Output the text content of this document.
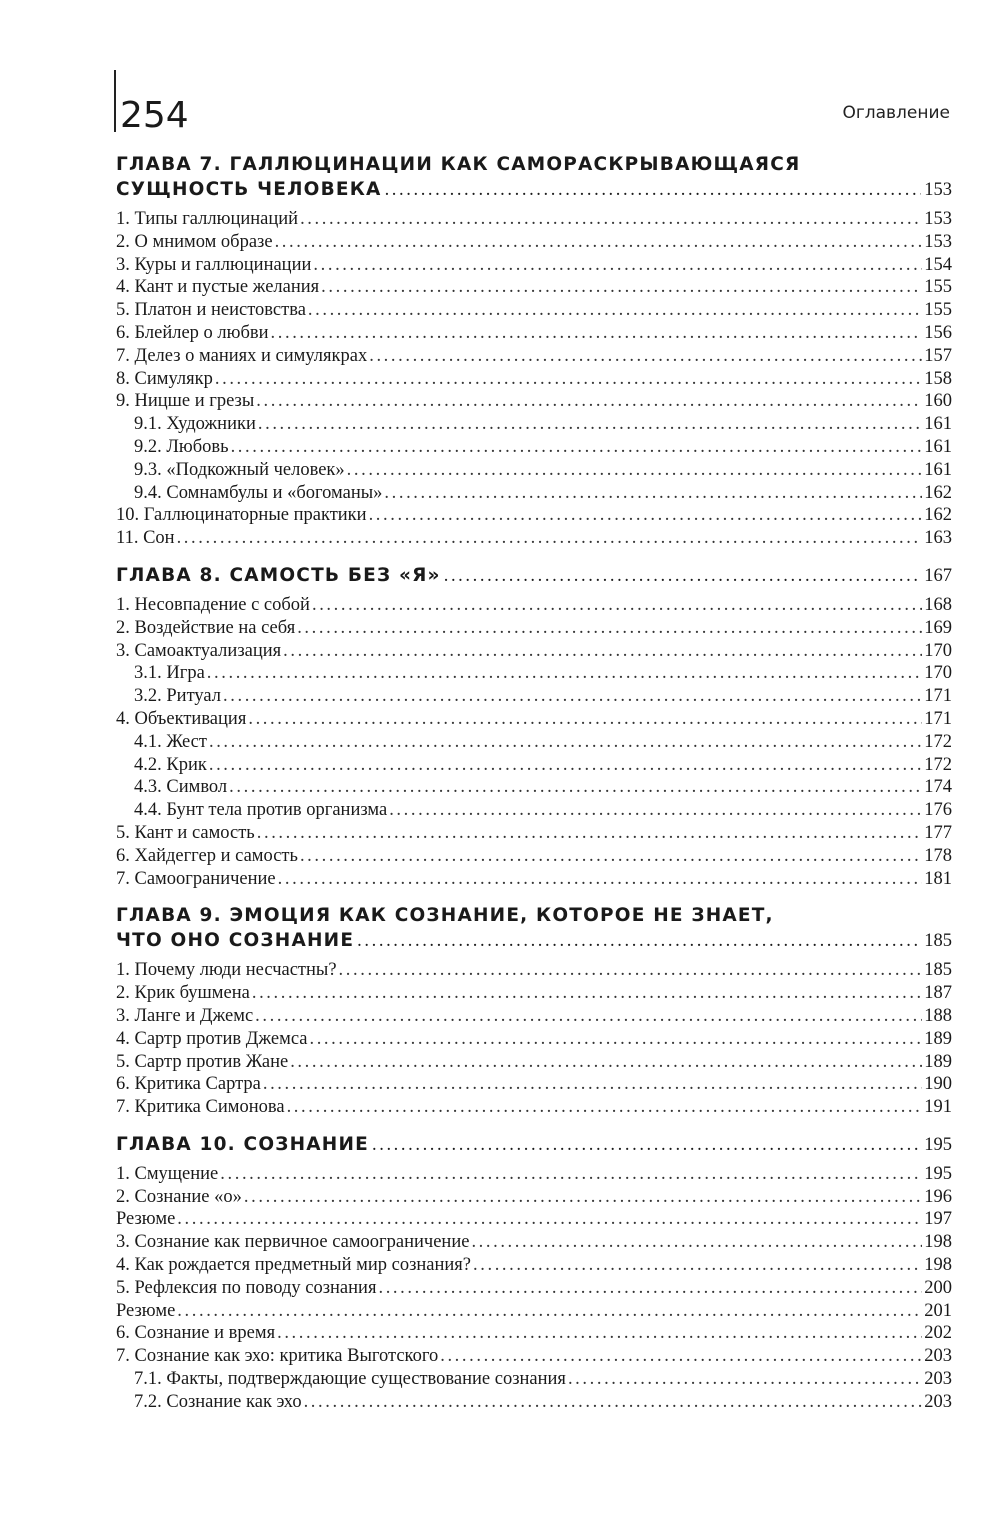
254	Оглавление
ГЛАВА 7. ГАЛЛЮЦИНАЦИИ КАК САМОРАСКРЫВАЮЩАЯСЯ
СУЩНОСТЬ ЧЕЛОВЕКА .....	153
1. Типы галлюцинаций .....	153
2. О мнимом образе .....	153
3. Куры и галлюцинации .....	154
4. Кант и пустые желания .....	155
5. Платон и неистовства .....	155
6. Блейлер о любви .....	156
7. Делез о маниях и симулякрах .....	157
8. Симулякр .....	158
9. Ницше и грезы .....	160
9.1. Художники .....	161
9.2. Любовь .....	161
9.3. «Подкожный человек» .....	161
9.4. Сомнамбулы и «богоманы» .....	162
10. Галлюцинаторные практики .....	162
11. Сон .....	163
ГЛАВА 8. САМОСТЬ БЕЗ «Я» .....	167
1. Несовпадение с собой .....	168
2. Воздействие на себя .....	169
3. Самоактуализация .....	170
3.1. Игра .....	170
3.2. Ритуал .....	171
4. Объективация .....	171
4.1. Жест .....	172
4.2. Крик .....	172
4.3. Символ .....	174
4.4. Бунт тела против организма .....	176
5. Кант и самость .....	177
6. Хайдеггер и самость .....	178
7. Самоограничение .....	181
ГЛАВА 9. ЭМОЦИЯ КАК СОЗНАНИЕ, КОТОРОЕ НЕ ЗНАЕТ,
ЧТО ОНО СОЗНАНИЕ .....	185
1. Почему люди несчастны? .....	185
2. Крик бушмена .....	187
3. Ланге и Джемс .....	188
4. Сартр против Джемса .....	189
5. Сартр против Жане .....	189
6. Критика Сартра .....	190
7. Критика Симонова .....	191
ГЛАВА 10. СОЗНАНИЕ .....	195
1. Смущение .....	195
2. Сознание «о» .....	196
Резюме .....	197
3. Сознание как первичное самоограничение .....	198
4. Как рождается предметный мир сознания? .....	198
5. Рефлексия по поводу сознания .....	200
Резюме .....	201
6. Сознание и время .....	202
7. Сознание как эхо: критика Выготского .....	203
7.1. Факты, подтверждающие существование сознания .....	203
7.2. Сознание как эхо .....	203
